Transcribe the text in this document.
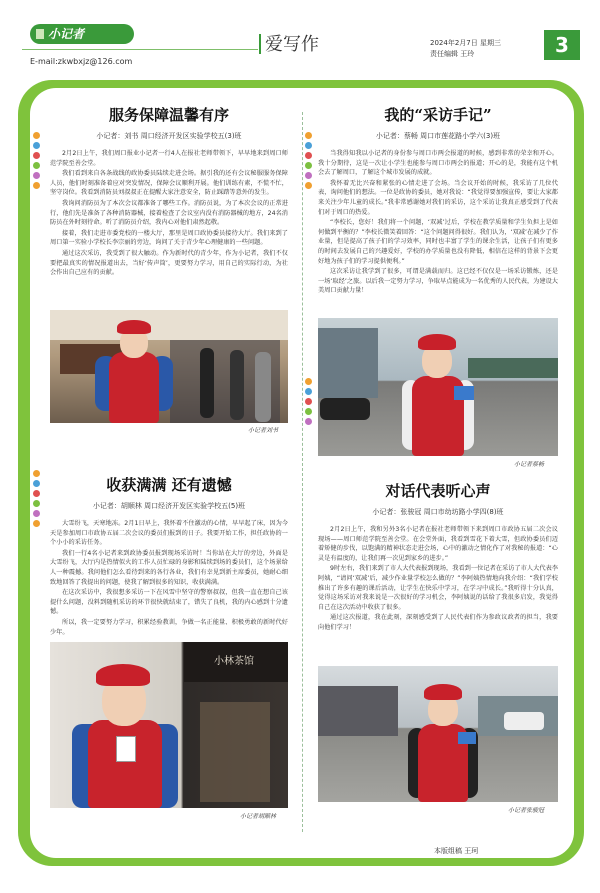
小记者
E-mail:zkwbxjz@126.com
爱写作	2024年2月7日 星期三
责任编辑 王玲	3
服务保障温馨有序
小记者：刘书 周口经济开发区实验学校五(3)班

2月2日上午，我们周口报业小记者一行4人在报社老师带领下，早早地来到周口师范学院至善会堂。

我们看到来自各条战线的政协委员陆续走进会场。据引我的还有会议秘服服务保障人员，他们时刻准备着应对突发情况，保障会议顺利开展。他们训练有素，不慌不忙，坚守岗位。我看到消防员刘叔叔正在提醒大家注意安全，防止踩踏等意外的发生。

我询问消防员为了本次会议都准备了哪些工作。消防员说，为了本次会议的正常进行，他们先是准备了各种消防器械，接着检查了会议室内没有消防器械的地方，24名消防员在外时刻待命。听了消防员介绍，我内心对他们肃然起敬。

接着，我们走进市委党校的一楼大厅，那里是周口政协委员接待大厅。我们来到了周口第一实验小学校长李宗丽的旁边，询问了关于青少年心理健康的一些问题。

通过这次采访，我受到了很大触动。作为新时代的青少年，作为小记者，我们不仅要把最真实的情况报道出去，当好‘传声筒’，更要努力学习，用自己的实际行动，为社会作出自己应有的贡献。

小记者刘书
收获满满 还有遗憾
小记者：胡顺林 周口经济开发区实验学校五(5)班

大雪纷飞，天寒地冻。2月1日早上，我怀着不住激动的心情，早早起了床，因为今天是参加周口市政协五届二次会议的委员们报到的日子。我要开始工作，担任政协的一个小小的采访任务。

我们一行4名小记者来到政协委员报到现场采访时！当你站在大厅的旁边，外面是大雪纷飞，大厅内是热情似火的工作人员忙碌的身影和陆续到场的委员们，这个场景给人一种震撼。我问他们怎么看待到来的各行各业，我们有幸见到新主席委员，她耐心细致地回答了我提出的问题，使我了解到很多的知识，收获满满。

在这次采访中，我很想多采访一下在风雪中坚守的警察叔叔，但我一直在想自己该提什么问题，没料到随机采访的环节很快就结束了，错失了良机，我的内心感到十分遗憾。

所以，我一定要努力学习，积累经验教训，争做一名正能量、积极勇敢的新时代好少年。

小林茶馆
小记者胡顺林
我的“采访手记”
小记者：蔡畅 周口市莲花路小学六(3)班

当我得知我以小记者的身份参与周口市两会报道的时候，感到非常的荣幸和开心。我十分期待，这是一次让小学生也能参与周口市两会的报道；开心的是，我能有这个机会去了解周口，了解这个城市发展的成就。

我怀着无比兴奋和紧张的心情走进了会场。当会议开始的时候，我采访了几位代表，询问他们的想法。一位是政协的委员，她对我说：“我觉得要加强宣传，要让大家都来关注少年儿童的成长。”我非常感谢她对我们的采访，这个采访让我真正感受到了代表们对于周口的热爱。

“李校长，您好！我们将一个问题，‘双减’过后，学校在教学质量和学生负担上是如何做到平衡的？”李校长微笑着回答：“这个问题问得很好。我们认为，‘双减’在减少了作业量，但是提高了孩子们的学习效率，同时也丰富了学生的课余生活，让孩子们有更多的时间去发展自己的兴趣爱好，学校的办学质量也没有降低，相信在这样的背景下会更好地为孩子们的学习提供便利。”

这次采访让我学到了很多，可谓是满载而归。这已经不仅仅是一场采访锻炼，还是一场‘取经’之旅。以后我一定努力学习，争取早点能成为一名优秀的人民代表，为建设大美周口贡献力量！

小记者蔡畅
对话代表听心声
小记者：张骏冠 周口市幼坊路小学四(8)班

2月2日上午，我和另外3名小记者在报社老师带领下来到周口市政协五届二次会议现场——周口师范学院至善会堂。在会堂外面，我看到雪花下着大雪，但政协委员们迈着矫健的步伐，以饱满的精神状态走进会场，心中的激动之情化作了对我秘的报道：“心灵是有温度的，让我们再一次见到家乡的进步。”

9时左右，我们来到了市人大代表报到现场，我看到一位记者在采访了市人大代表李阿姨，“请问‘双减’后，减少作业量学校怎么做的？”李阿姨热情地向我介绍：“我们学校推出了许多有趣的课后活动，让学生在快乐中学习，在学习中成长。”我听得十分认真，觉得这场采访对我来说是一次很好的学习机会，李阿姨说的话给了我很多启发，我觉得自己在这次活动中收获了很多。

通过这次报道，我在此刻，深刻感受到了人民代表们作为参政议政者的担当，我要向他们学习！

小记者张骏冠
本版组稿 王珂
